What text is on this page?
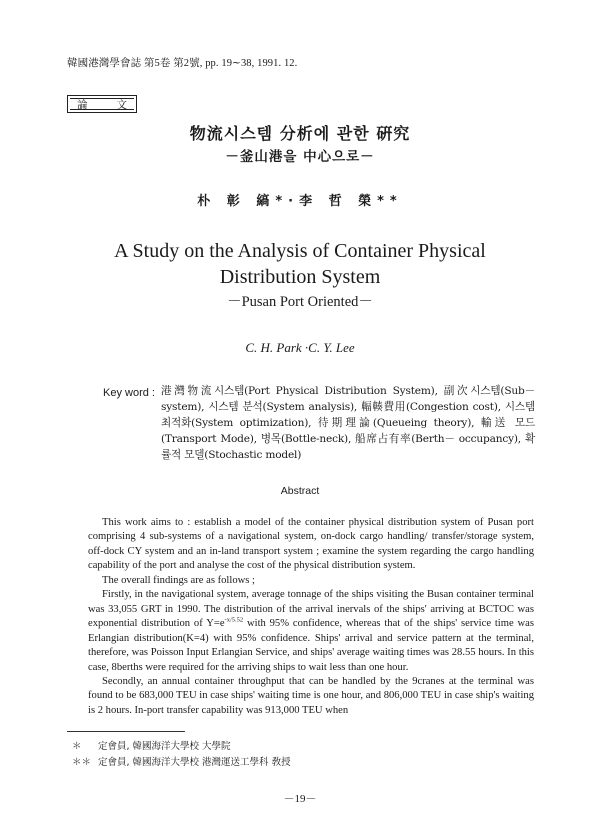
韓國港灣學會誌 第5卷 第2號, pp. 19∼38, 1991. 12.
論	文
物流시스템 分析에 관한 硏究
－釜山港을 中心으로－
朴 彰 縞*·李 哲 榮**
A Study on the Analysis of Container Physical
Distribution System
－Pusan Port Oriented－
C. H. Park ·C. Y. Lee
Key word : 港灣物流시스템(Port Physical Distribution System), 副次시스템(Sub－system), 시스템 분석(System analysis), 輻輳費用(Congestion cost), 시스템 최적화(System optimization), 待期理論(Queueing theory), 輸送 모드(Transport Mode), 병목(Bottle-neck), 船席占有率(Berth－ occupancy), 확률적 모델(Stochastic model)
Abstract

This work aims to : establish a model of the container physical distribution system of Pusan port comprising 4 sub-systems of a navigational system, on-dock cargo handling/ transfer/storage system, off-dock CY system and an in-land transport system ; examine the system regarding the cargo handling capability of the port and analyse the cost of the physical distribution system.

The overall findings are as follows ;

Firstly, in the navigational system, average tonnage of the ships visiting the Busan container terminal was 33,055 GRT in 1990. The distribution of the arrival inervals of the ships' arriving at BCTOC was exponential distribution of $Y=e^{-x/5.52}$ with 95% confidence, whereas that of the ships' service time was Erlangian distribution(K=4) with 95% confidence. Ships' arrival and service pattern at the terminal, therefore, was Poisson Input Erlangian Service, and ships' average waiting times was 28.55 hours. In this case, 8berths were required for the arriving ships to wait less than one hour.

Secondly, an annual container throughput that can be handled by the 9cranes at the terminal was found to be 683,000 TEU in case ships' waiting time is one hour, and 806,000 TEU in case ship's waiting is 2 hours. In-port transfer capability was 913,000 TEU when

＊ 定會員, 韓國海洋大學校 大學院
＊＊ 定會員, 韓國海洋大學校 港灣運送工學科 敎授
－19－
